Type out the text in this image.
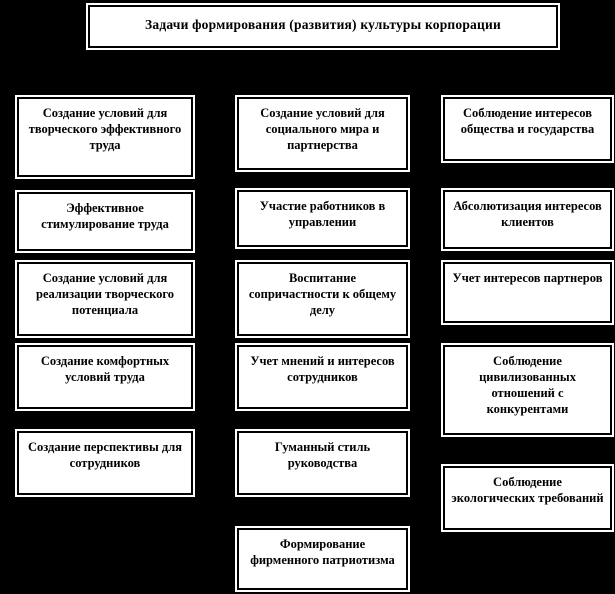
Задачи формирования (развития) культуры корпорации
Создание условий для творческого эффективного труда
Эффективное стимулирование труда
Создание условий для реализации творческого потенциала
Создание комфортных условий труда
Создание перспективы для сотрудников
Создание условий для социального мира и партнерства
Участие работников в управлении
Воспитание сопричастности к общему делу
Учет мнений и интересов сотрудников
Гуманный стиль руководства
Формирование фирменного патриотизма
Соблюдение интересов общества и государства
Абсолютизация интересов клиентов
Учет интересов партнеров
Соблюдение цивилизованных отношений с конкурентами
Соблюдение экологических требований
